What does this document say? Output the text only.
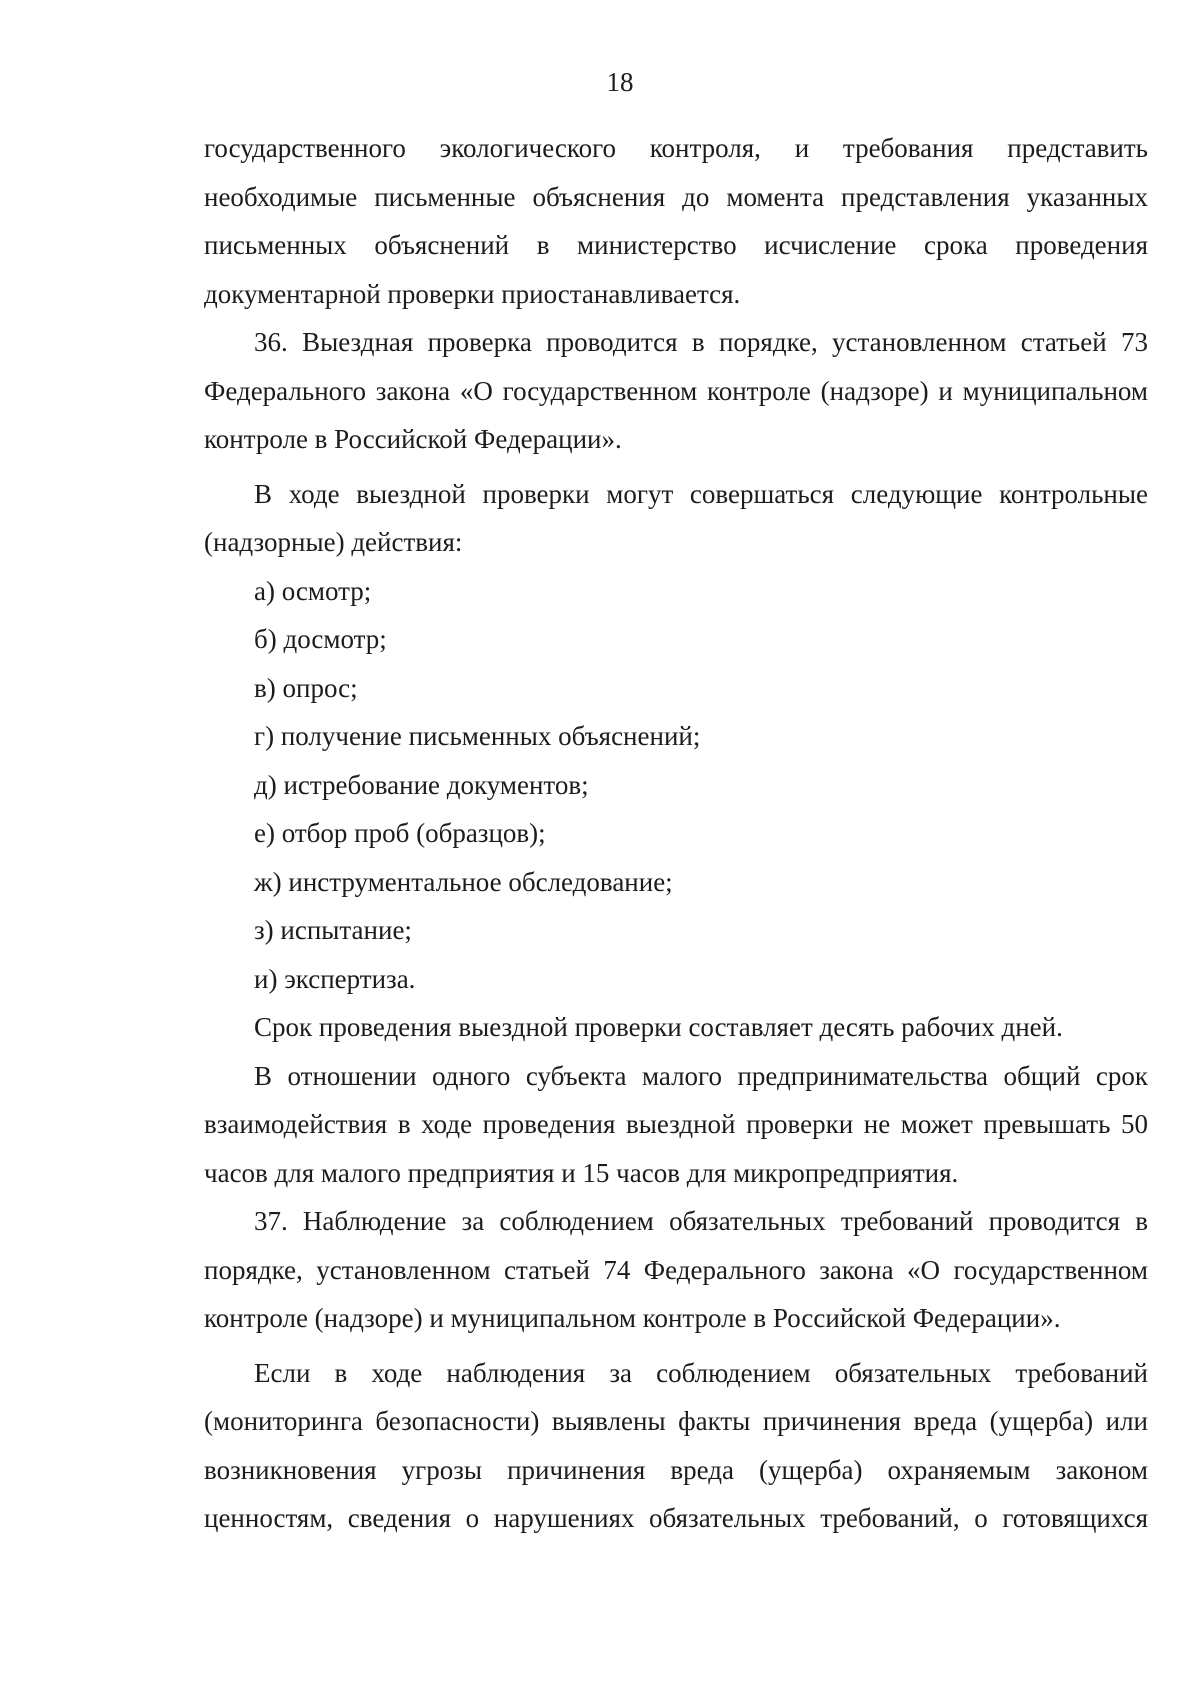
18

государственного экологического контроля, и требования представить необходимые письменные объяснения до момента представления указанных письменных объяснений в министерство исчисление срока проведения документарной проверки приостанавливается.

36. Выездная проверка проводится в порядке, установленном статьей 73 Федерального закона «О государственном контроле (надзоре) и муниципальном контроле в Российской Федерации».

В ходе выездной проверки могут совершаться следующие контрольные (надзорные) действия:

а) осмотр;

б) досмотр;

в) опрос;

г) получение письменных объяснений;

д) истребование документов;

е) отбор проб (образцов);

ж) инструментальное обследование;

з) испытание;

и) экспертиза.

Срок проведения выездной проверки составляет десять рабочих дней.

В отношении одного субъекта малого предпринимательства общий срок взаимодействия в ходе проведения выездной проверки не может превышать 50 часов для малого предприятия и 15 часов для микропредприятия.

37. Наблюдение за соблюдением обязательных требований проводится в порядке, установленном статьей 74 Федерального закона «О государственном контроле (надзоре) и муниципальном контроле в Российской Федерации».

Если в ходе наблюдения за соблюдением обязательных требований (мониторинга безопасности) выявлены факты причинения вреда (ущерба) или возникновения угрозы причинения вреда (ущерба) охраняемым законом ценностям, сведения о нарушениях обязательных требований, о готовящихся
